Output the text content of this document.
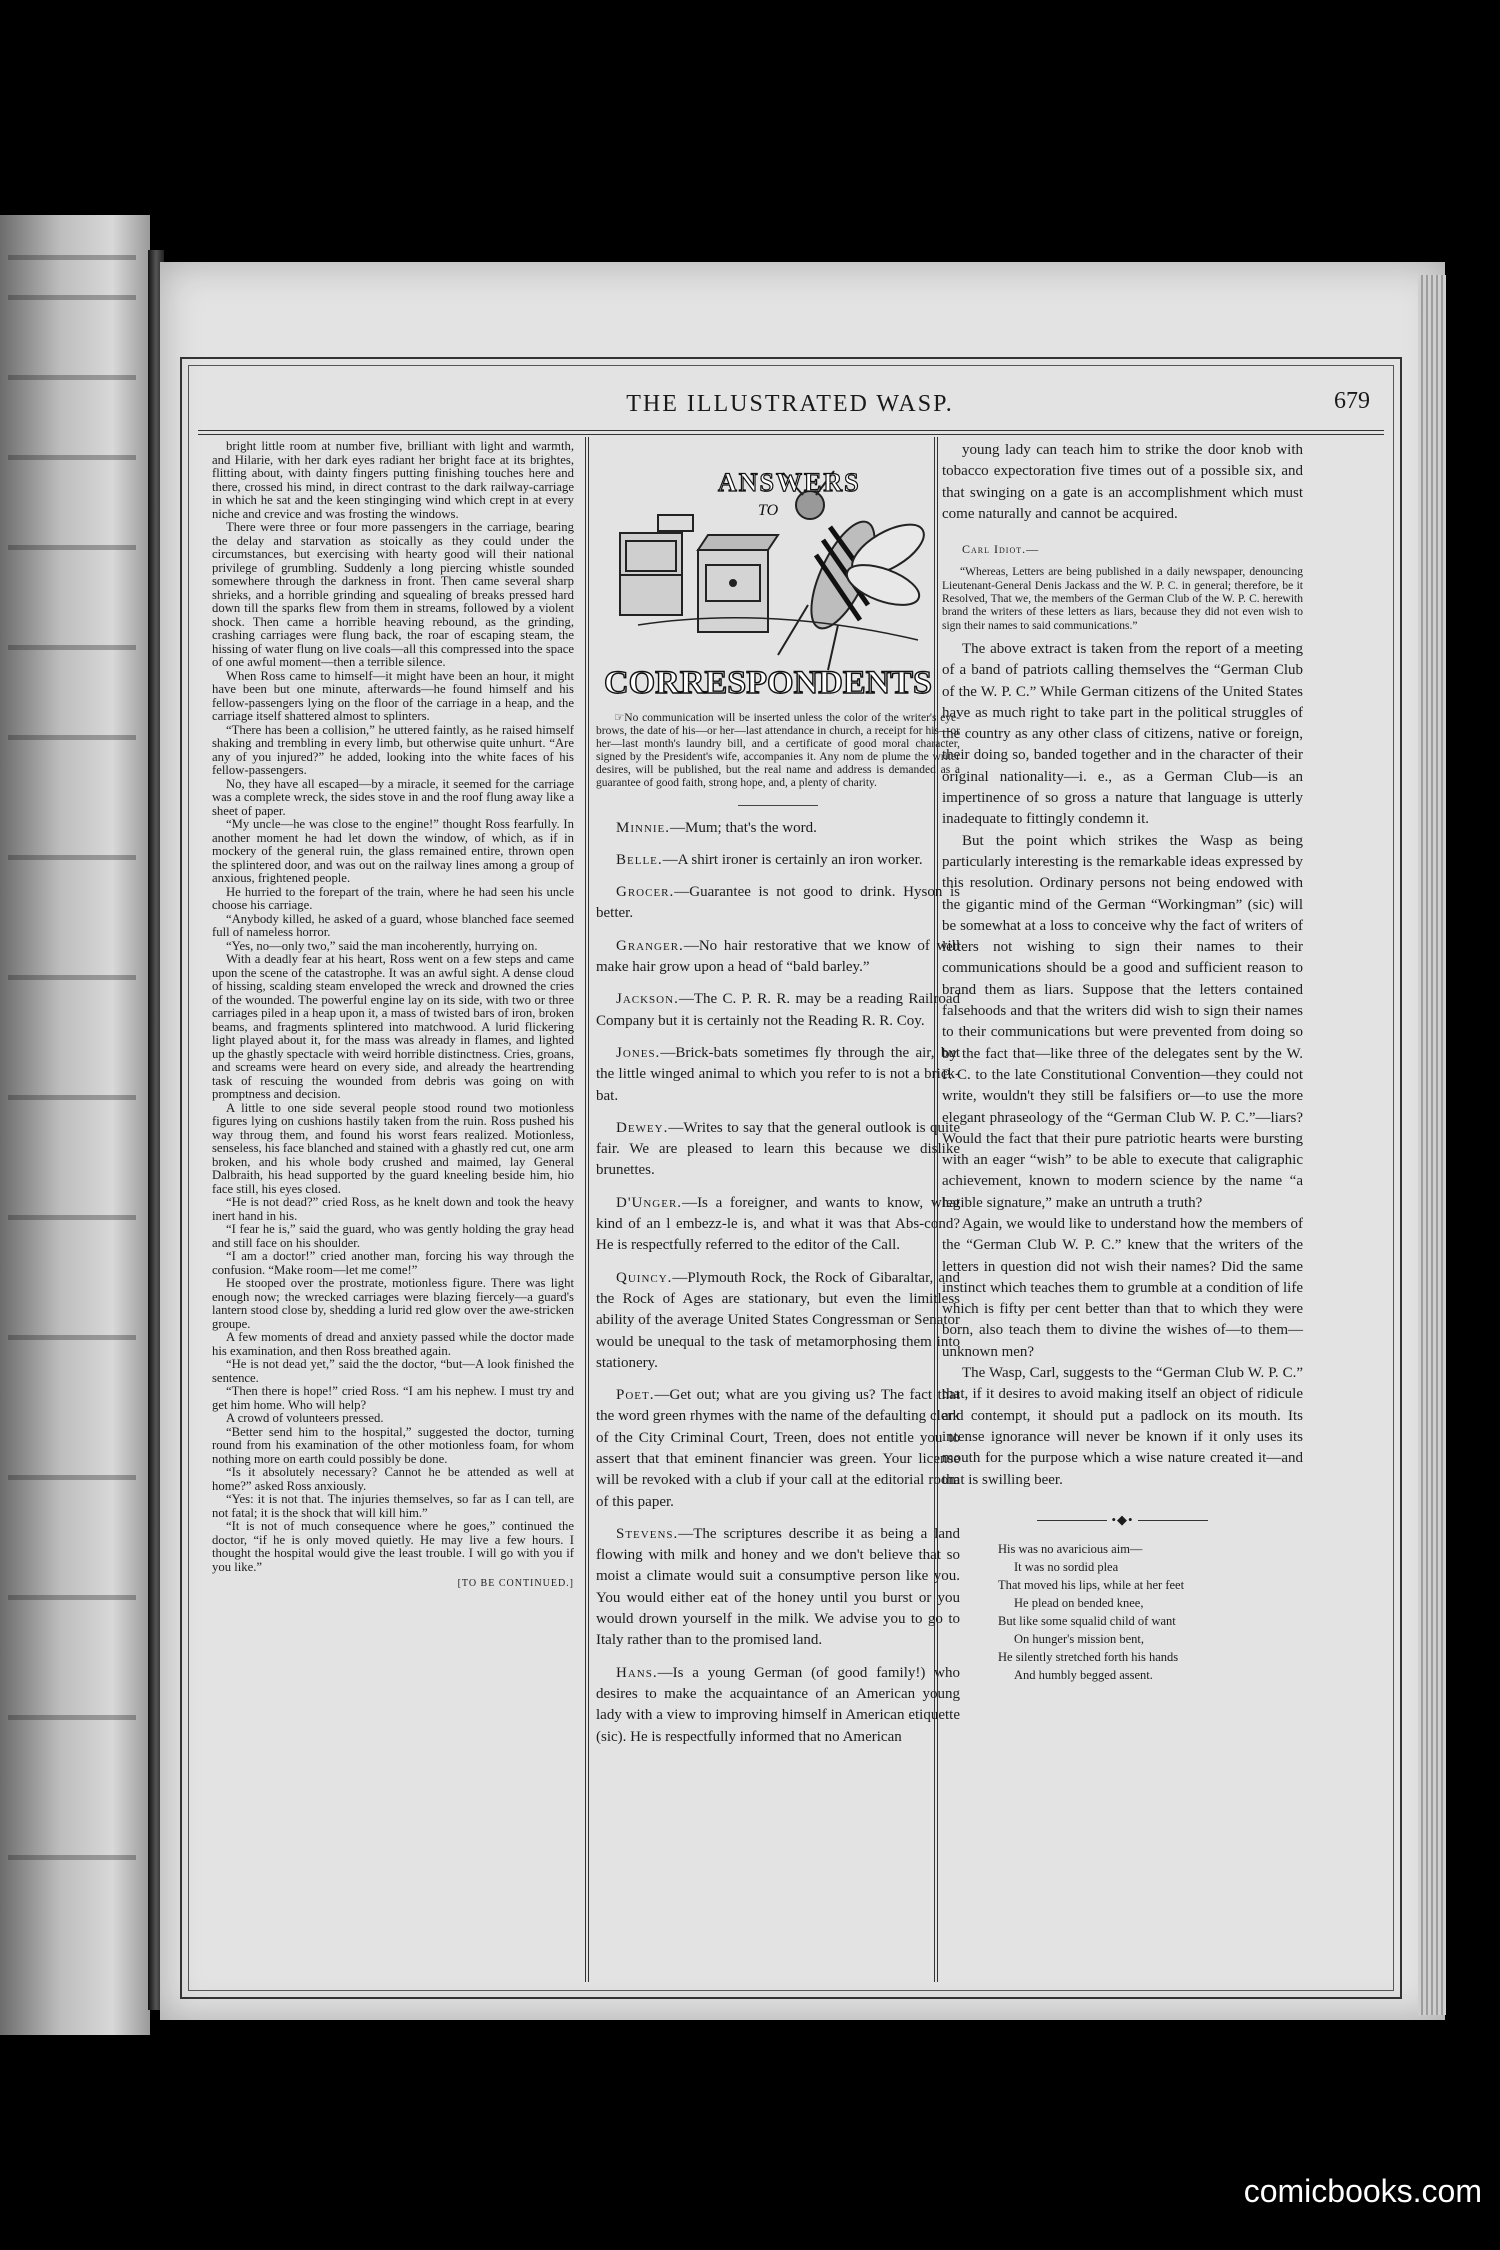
THE ILLUSTRATED WASP.	679

bright little room at number five, brilliant with light and warmth, and Hilarie, with her dark eyes radiant her bright face at its brightes, flitting about, with dainty fingers putting finishing touches here and there, crossed his mind, in direct contrast to the dark railway-carriage in which he sat and the keen stinginging wind which crept in at every niche and crevice and was frosting the windows.

There were three or four more passengers in the carriage, bearing the delay and starvation as stoically as they could under the circumstances, but exercising with hearty good will their national privilege of grumbling. Suddenly a long piercing whistle sounded somewhere through the darkness in front. Then came several sharp shrieks, and a horrible grinding and squealing of breaks pressed hard down till the sparks flew from them in streams, followed by a violent shock. Then came a horrible heaving rebound, as the grinding, crashing carriages were flung back, the roar of escaping steam, the hissing of water flung on live coals—all this compressed into the space of one awful moment—then a terrible silence.

When Ross came to himself—it might have been an hour, it might have been but one minute, afterwards—he found himself and his fellow-passengers lying on the floor of the carriage in a heap, and the carriage itself shattered almost to splinters.

“There has been a collision,” he uttered faintly, as he raised himself shaking and trembling in every limb, but otherwise quite unhurt. “Are any of you injured?” he added, looking into the white faces of his fellow-passengers.

No, they have all escaped—by a miracle, it seemed for the carriage was a complete wreck, the sides stove in and the roof flung away like a sheet of paper.

“My uncle—he was close to the engine!” thought Ross fearfully. In another moment he had let down the window, of which, as if in mockery of the general ruin, the glass remained entire, thrown open the splintered door, and was out on the railway lines among a group of anxious, frightened people.

He hurried to the forepart of the train, where he had seen his uncle choose his carriage.

“Anybody killed, he asked of a guard, whose blanched face seemed full of nameless horror.

“Yes, no—only two,” said the man incoherently, hurrying on.

With a deadly fear at his heart, Ross went on a few steps and came upon the scene of the catastrophe. It was an awful sight. A dense cloud of hissing, scalding steam enveloped the wreck and drowned the cries of the wounded. The powerful engine lay on its side, with two or three carriages piled in a heap upon it, a mass of twisted bars of iron, broken beams, and fragments splintered into matchwood. A lurid flickering light played about it, for the mass was already in flames, and lighted up the ghastly spectacle with weird horrible distinctness. Cries, groans, and screams were heard on every side, and already the heartrending task of rescuing the wounded from debris was going on with promptness and decision.

A little to one side several people stood round two motionless figures lying on cushions hastily taken from the ruin. Ross pushed his way throug them, and found his worst fears realized. Motionless, senseless, his face blanched and stained with a ghastly red cut, one arm broken, and his whole body crushed and maimed, lay General Dalbraith, his head supported by the guard kneeling beside him, hio face still, his eyes closed.

“He is not dead?” cried Ross, as he knelt down and took the heavy inert hand in his.

“I fear he is,” said the guard, who was gently holding the gray head and still face on his shoulder.

“I am a doctor!” cried another man, forcing his way through the confusion. “Make room—let me come!”

He stooped over the prostrate, motionless figure. There was light enough now; the wrecked carriages were blazing fiercely—a guard's lantern stood close by, shedding a lurid red glow over the awe-stricken groupe.

A few moments of dread and anxiety passed while the doctor made his examination, and then Ross breathed again.

“He is not dead yet,” said the the doctor, “but—A look finished the sentence.

“Then there is hope!” cried Ross. “I am his nephew. I must try and get him home. Who will help?

A crowd of volunteers pressed.

“Better send him to the hospital,” suggested the doctor, turning round from his examination of the other motionless foam, for whom nothing more on earth could possibly be done.

“Is it absolutely necessary? Cannot he be attended as well at home?” asked Ross anxiously.

“Yes: it is not that. The injuries themselves, so far as I can tell, are not fatal; it is the shock that will kill him.”

“It is not of much consequence where he goes,” continued the doctor, “if he is only moved quietly. He may live a few hours. I thought the hospital would give the least trouble. I will go with you if you like.”

[TO BE CONTINUED.]

ANSWERS
TO
CORRESPONDENTS

☞No communication will be inserted unless the color of the writer's eye-brows, the date of his—or her—last attendance in church, a receipt for his—or her—last month's laundry bill, and a certificate of good moral character, signed by the President's wife, accompanies it. Any nom de plume the writer desires, will be published, but the real name and address is demanded as a guarantee of good faith, strong hope, and, a plenty of charity.

Minnie.—Mum; that's the word.

Belle.—A shirt ironer is certainly an iron worker.

Grocer.—Guarantee is not good to drink. Hyson is better.

Granger.—No hair restorative that we know of will make hair grow upon a head of “bald barley.”

Jackson.—The C. P. R. R. may be a reading Railroad Company but it is certainly not the Reading R. R. Coy.

Jones.—Brick-bats sometimes fly through the air, but the little winged animal to which you refer to is not a brick-bat.

Dewey.—Writes to say that the general outlook is quite fair. We are pleased to learn this because we dislike brunettes.

D'Unger.—Is a foreigner, and wants to know, what kind of an l embezz-le is, and what it was that Abs-cond? He is respectfully referred to the editor of the Call.

Quincy.—Plymouth Rock, the Rock of Gibaraltar, and the Rock of Ages are stationary, but even the limitless ability of the average United States Congressman or Senator would be unequal to the task of metamorphosing them into stationery.

Poet.—Get out; what are you giving us? The fact that the word green rhymes with the name of the defaulting clerk of the City Criminal Court, Treen, does not entitle you to assert that that eminent financier was green. Your license will be revoked with a club if your call at the editorial room of this paper.

Stevens.—The scriptures describe it as being a land flowing with milk and honey and we don't believe that so moist a climate would suit a consumptive person like you. You would either eat of the honey until you burst or you would drown yourself in the milk. We advise you to go to Italy rather than to the promised land.

Hans.—Is a young German (of good family!) who desires to make the acquaintance of an American young lady with a view to improving himself in American etiquette (sic). He is respectfully informed that no American

young lady can teach him to strike the door knob with tobacco expectoration five times out of a possible six, and that swinging on a gate is an accomplishment which must come naturally and cannot be acquired.

Carl Idiot.—

“Whereas, Letters are being published in a daily newspaper, denouncing Lieutenant-General Denis Jackass and the W. P. C. in general; therefore, be it Resolved, That we, the members of the German Club of the W. P. C. herewith brand the writers of these letters as liars, because they did not even wish to sign their names to said communications.”

The above extract is taken from the report of a meeting of a band of patriots calling themselves the “German Club of the W. P. C.” While German citizens of the United States have as much right to take part in the political struggles of the country as any other class of citizens, native or foreign, their doing so, banded together and in the character of their original nationality—i. e., as a German Club—is an impertinence of so gross a nature that language is utterly inadequate to fittingly condemn it.

But the point which strikes the Wasp as being particularly interesting is the remarkable ideas expressed by this resolution. Ordinary persons not being endowed with the gigantic mind of the German “Workingman” (sic) will be somewhat at a loss to conceive why the fact of writers of letters not wishing to sign their names to their communications should be a good and sufficient reason to brand them as liars. Suppose that the letters contained falsehoods and that the writers did wish to sign their names to their communications but were prevented from doing so by the fact that—like three of the delegates sent by the W. P. C. to the late Constitutional Convention—they could not write, wouldn't they still be falsifiers or—to use the more elegant phraseology of the “German Club W. P. C.”—liars? Would the fact that their pure patriotic hearts were bursting with an eager “wish” to be able to execute that caligraphic achievement, known to modern science by the name “a legible signature,” make an untruth a truth?

Again, we would like to understand how the members of the “German Club W. P. C.” knew that the writers of the letters in question did not wish their names? Did the same instinct which teaches them to grumble at a condition of life which is fifty per cent better than that to which they were born, also teach them to divine the wishes of—to them—unknown men?

The Wasp, Carl, suggests to the “German Club W. P. C.” that, if it desires to avoid making itself an object of ridicule and contempt, it should put a padlock on its mouth. Its intense ignorance will never be known if it only uses its mouth for the purpose which a wise nature created it—and that is swilling beer.

•◆•
His was no avaricious aim—
It was no sordid plea
That moved his lips, while at her feet
He plead on bended knee,
But like some squalid child of want
On hunger's mission bent,
He silently stretched forth his hands
And humbly begged assent.
comicbooks.com
